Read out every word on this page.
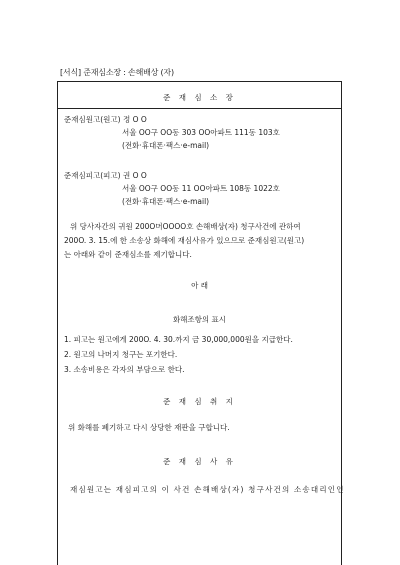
[서식] 준재심소장 : 손해배상 (자)
준 재 심 소 장
준재심원고(원고) 정 O O
서울 OO구 OO동 303 OO아파트 111동 103호
(전화·휴대폰·팩스·e-mail)
준재심피고(피고) 권 O O
서울 OO구 OO동 11 OO아파트 108동 1022호
(전화·휴대폰·팩스·e-mail)
위 당사자간의 귀원 200O머OOOO호 손해배상(자) 청구사건에 관하여
200O. 3. 15.에 한 소송상 화해에 재심사유가 있으므로 준재심원고(원고)
는 아래와 같이 준재심소를 제기합니다.
아 래
화해조항의 표시
1. 피고는 원고에게 200O. 4. 30.까지 금 30,000,000원을 지급한다.
2. 원고의 나머지 청구는 포기한다.
3. 소송비용은 각자의 부담으로 한다.
준 재 심 취 지
위 화해를 폐기하고 다시 상당한 재판을 구합니다.
준 재 심 사 유
재심원고는 재심피고의 이 사건 손해배상(자) 청구사건의 소송대리인인
